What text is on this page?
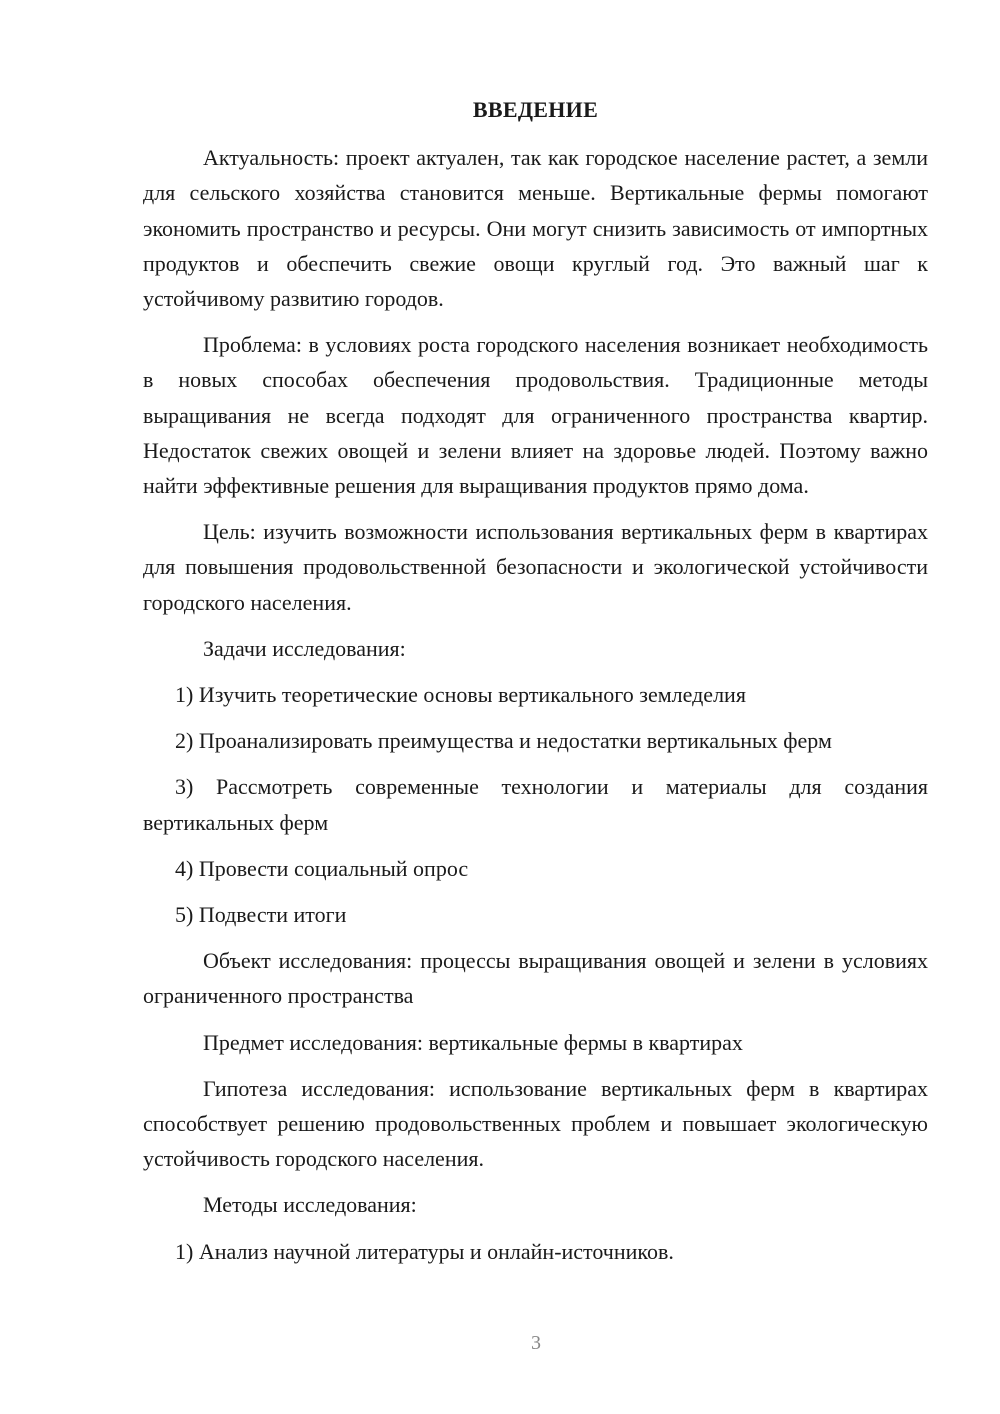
ВВЕДЕНИЕ

Актуальность: проект актуален, так как городское население растет, а земли для сельского хозяйства становится меньше. Вертикальные фермы помогают экономить пространство и ресурсы. Они могут снизить зависимость от импортных продуктов и обеспечить свежие овощи круглый год. Это важный шаг к устойчивому развитию городов.

Проблема: в условиях роста городского населения возникает необходимость в новых способах обеспечения продовольствия. Традиционные методы выращивания не всегда подходят для ограниченного пространства квартир. Недостаток свежих овощей и зелени влияет на здоровье людей. Поэтому важно найти эффективные решения для выращивания продуктов прямо дома.

Цель: изучить возможности использования вертикальных ферм в квартирах для повышения продовольственной безопасности и экологической устойчивости городского населения.

Задачи исследования:

1) Изучить теоретические основы вертикального земледелия

2) Проанализировать преимущества и недостатки вертикальных ферм

3) Рассмотреть современные технологии и материалы для создания вертикальных ферм

4) Провести социальный опрос

5) Подвести итоги

Объект исследования: процессы выращивания овощей и зелени в условиях ограниченного пространства

Предмет исследования: вертикальные фермы в квартирах

Гипотеза исследования: использование вертикальных ферм в квартирах способствует решению продовольственных проблем и повышает экологическую устойчивость городского населения.

Методы исследования:

1) Анализ научной литературы и онлайн-источников.

3
